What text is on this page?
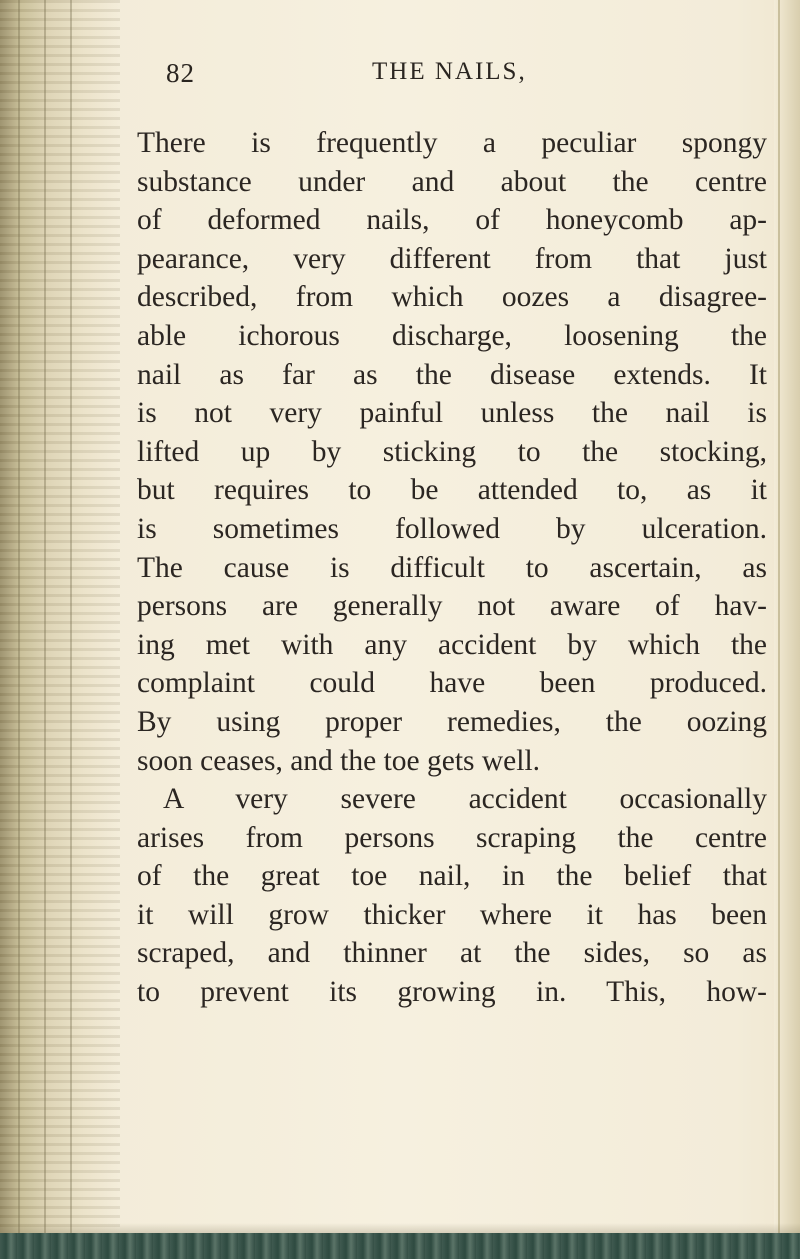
82	THE NAILS,
There is frequently a peculiar spongy
substance under and about the centre
of deformed nails, of honeycomb ap-
pearance, very different from that just
described, from which oozes a disagree-
able ichorous discharge, loosening the
nail as far as the disease extends. It
is not very painful unless the nail is
lifted up by sticking to the stocking,
but requires to be attended to, as it
is sometimes followed by ulceration.
The cause is difficult to ascertain, as
persons are generally not aware of hav-
ing met with any accident by which the
complaint could have been produced.
By using proper remedies, the oozing
soon ceases, and the toe gets well.
A very severe accident occasionally
arises from persons scraping the centre
of the great toe nail, in the belief that
it will grow thicker where it has been
scraped, and thinner at the sides, so as
to prevent its growing in. This, how-
